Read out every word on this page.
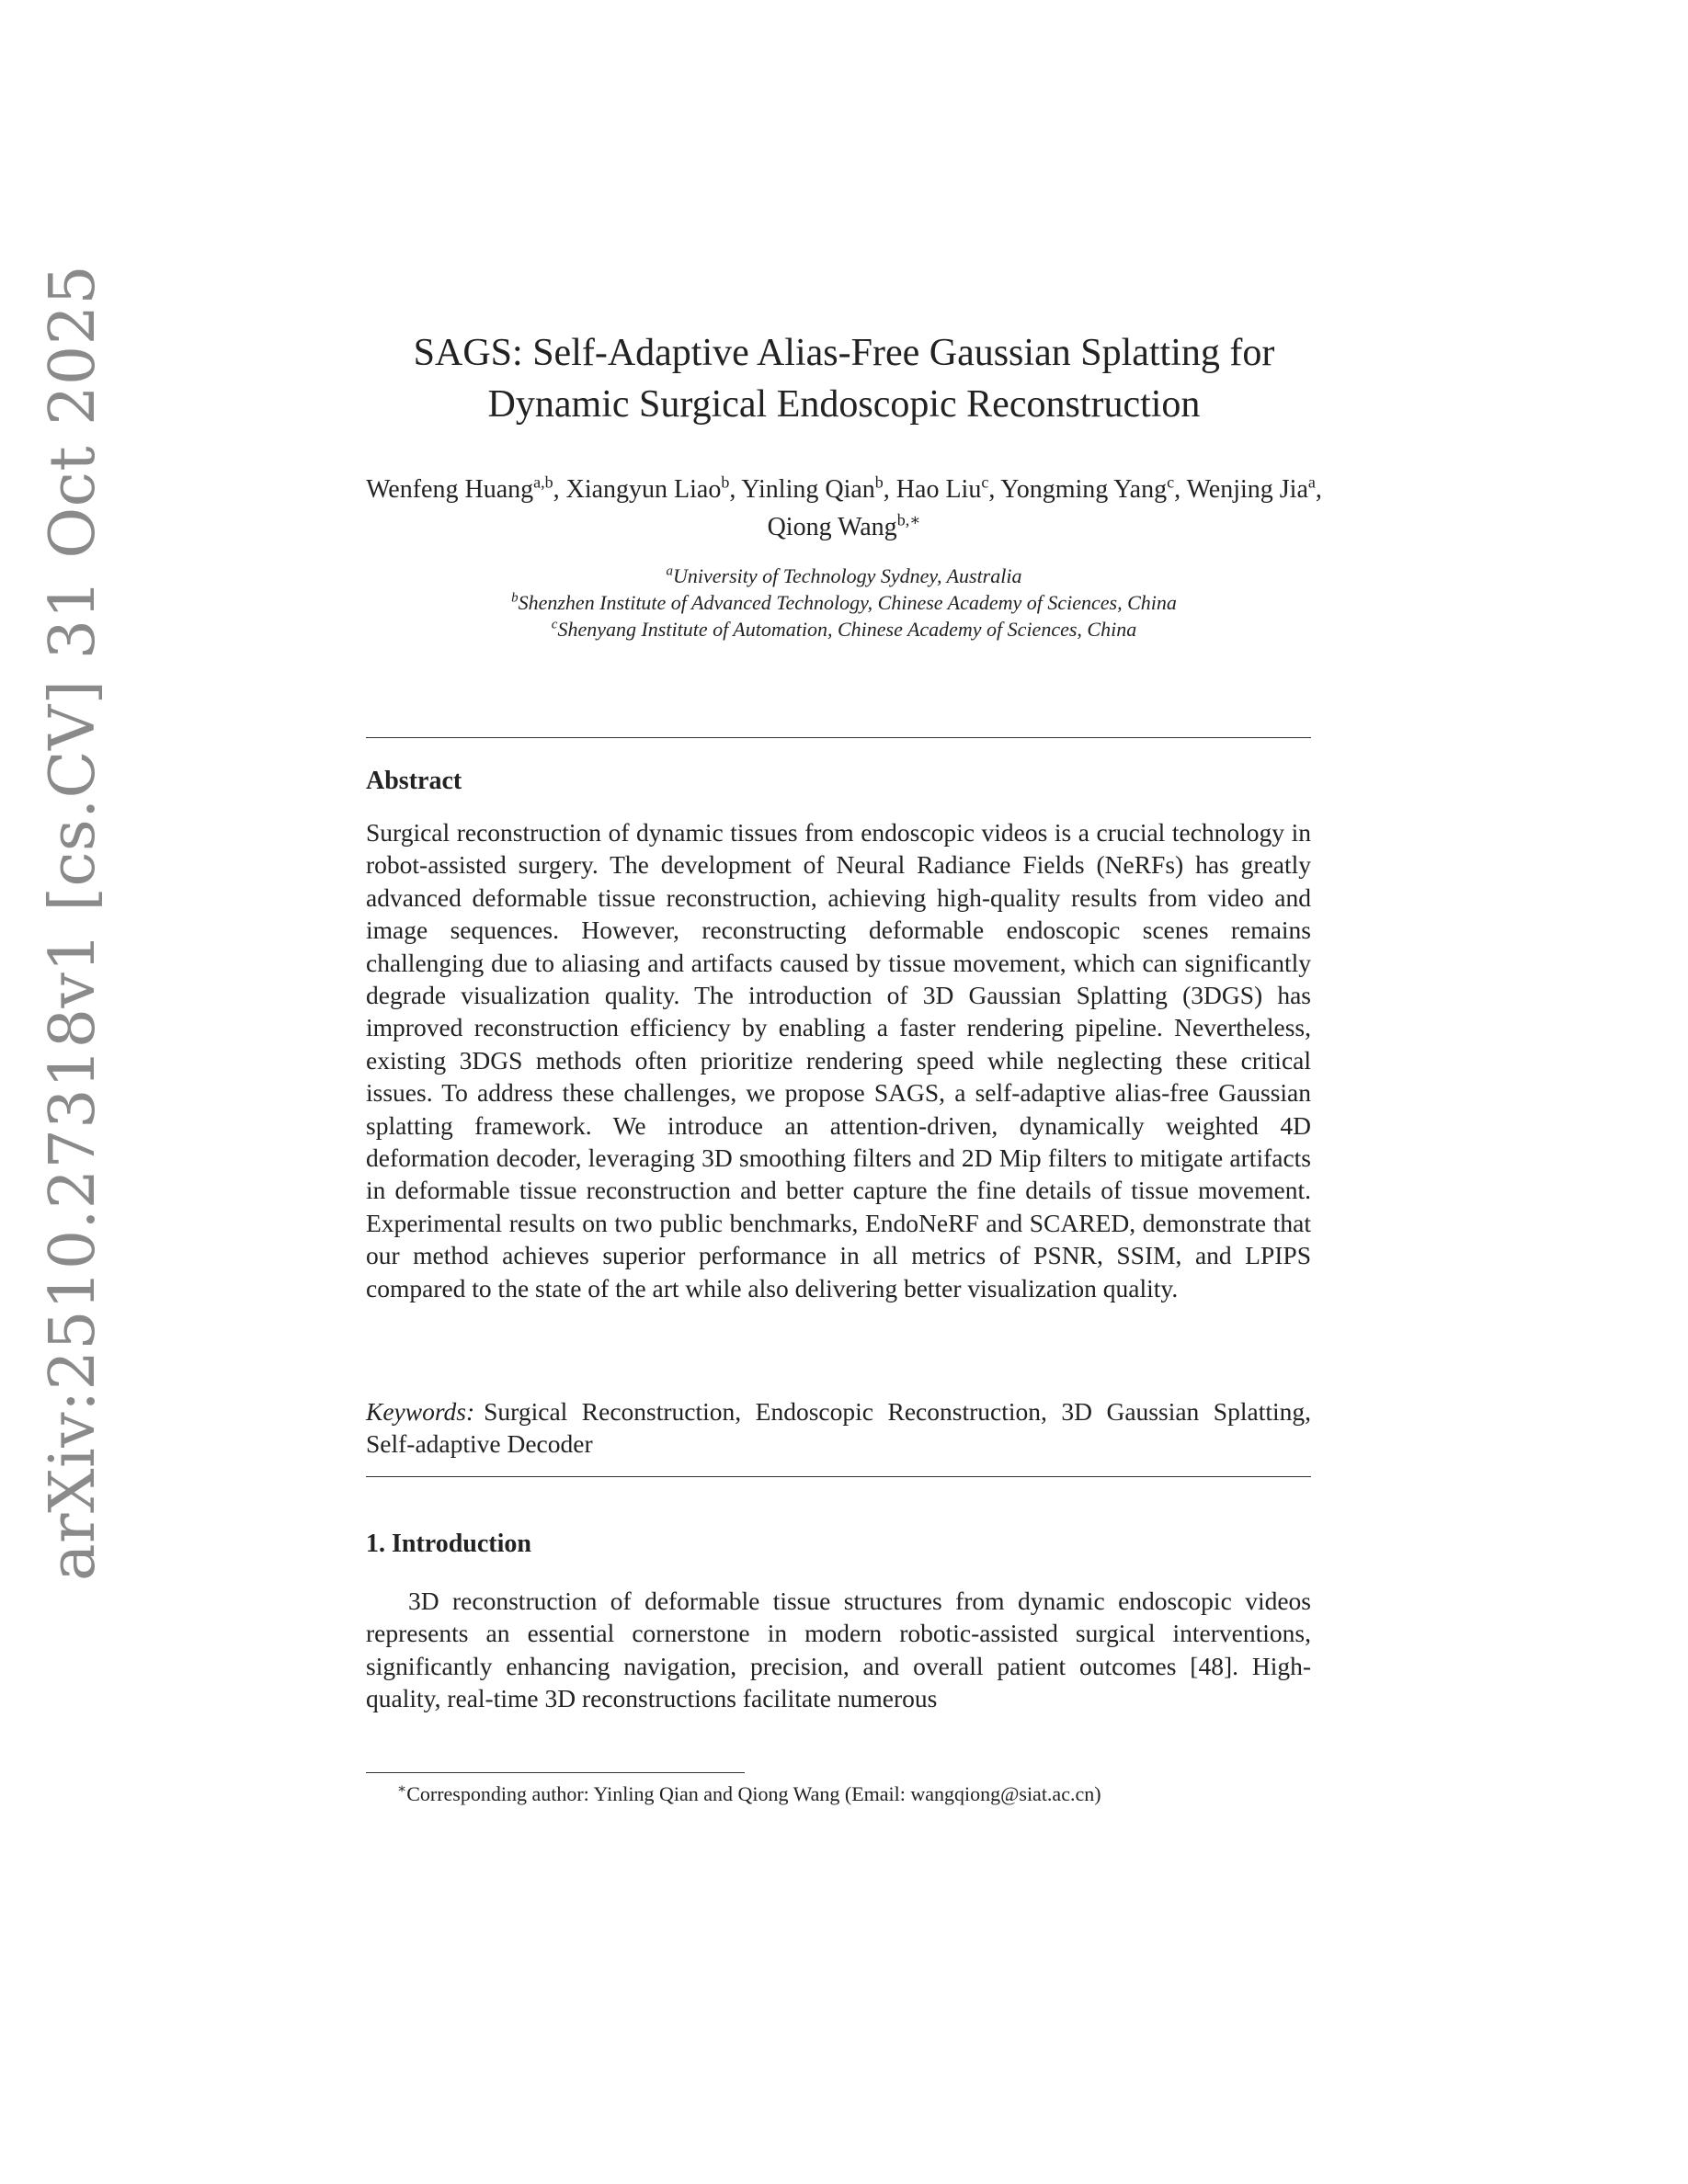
arXiv:2510.27318v1 [cs.CV] 31 Oct 2025	SAGS: Self-Adaptive Alias-Free Gaussian Splatting for
Dynamic Surgical Endoscopic Reconstruction
Wenfeng Huang$^{a,b}$, Xiangyun Liao$^b$, Yinling Qian$^b$, Hao Liu$^c$, Yongming Yang$^c$, Wenjing Jia$^a$, Qiong Wang$^{b,∗}$
$^a$University of Technology Sydney, Australia
$^b$Shenzhen Institute of Advanced Technology, Chinese Academy of Sciences, China
$^c$Shenyang Institute of Automation, Chinese Academy of Sciences, China
Abstract
Surgical reconstruction of dynamic tissues from endoscopic videos is a crucial technology in robot-assisted surgery. The development of Neural Radiance Fields (NeRFs) has greatly advanced deformable tissue reconstruction, achieving high-quality results from video and image sequences. However, reconstructing deformable endoscopic scenes remains challenging due to aliasing and artifacts caused by tissue movement, which can significantly degrade visualization quality. The introduction of 3D Gaussian Splatting (3DGS) has improved reconstruction efficiency by enabling a faster rendering pipeline. Nevertheless, existing 3DGS methods often prioritize rendering speed while neglecting these critical issues. To address these challenges, we propose SAGS, a self-adaptive alias-free Gaussian splatting framework. We introduce an attention-driven, dynamically weighted 4D deformation decoder, leveraging 3D smoothing filters and 2D Mip filters to mitigate artifacts in deformable tissue reconstruction and better capture the fine details of tissue movement. Experimental results on two public benchmarks, EndoNeRF and SCARED, demonstrate that our method achieves superior performance in all metrics of PSNR, SSIM, and LPIPS compared to the state of the art while also delivering better visualization quality.
Keywords: Surgical Reconstruction, Endoscopic Reconstruction, 3D Gaussian Splatting, Self-adaptive Decoder
1. Introduction
3D reconstruction of deformable tissue structures from dynamic endoscopic videos represents an essential cornerstone in modern robotic-assisted surgical interventions, significantly enhancing navigation, precision, and overall patient outcomes [48]. High-quality, real-time 3D reconstructions facilitate numerous
∗Corresponding author: Yinling Qian and Qiong Wang (Email: wangqiong@siat.ac.cn)
